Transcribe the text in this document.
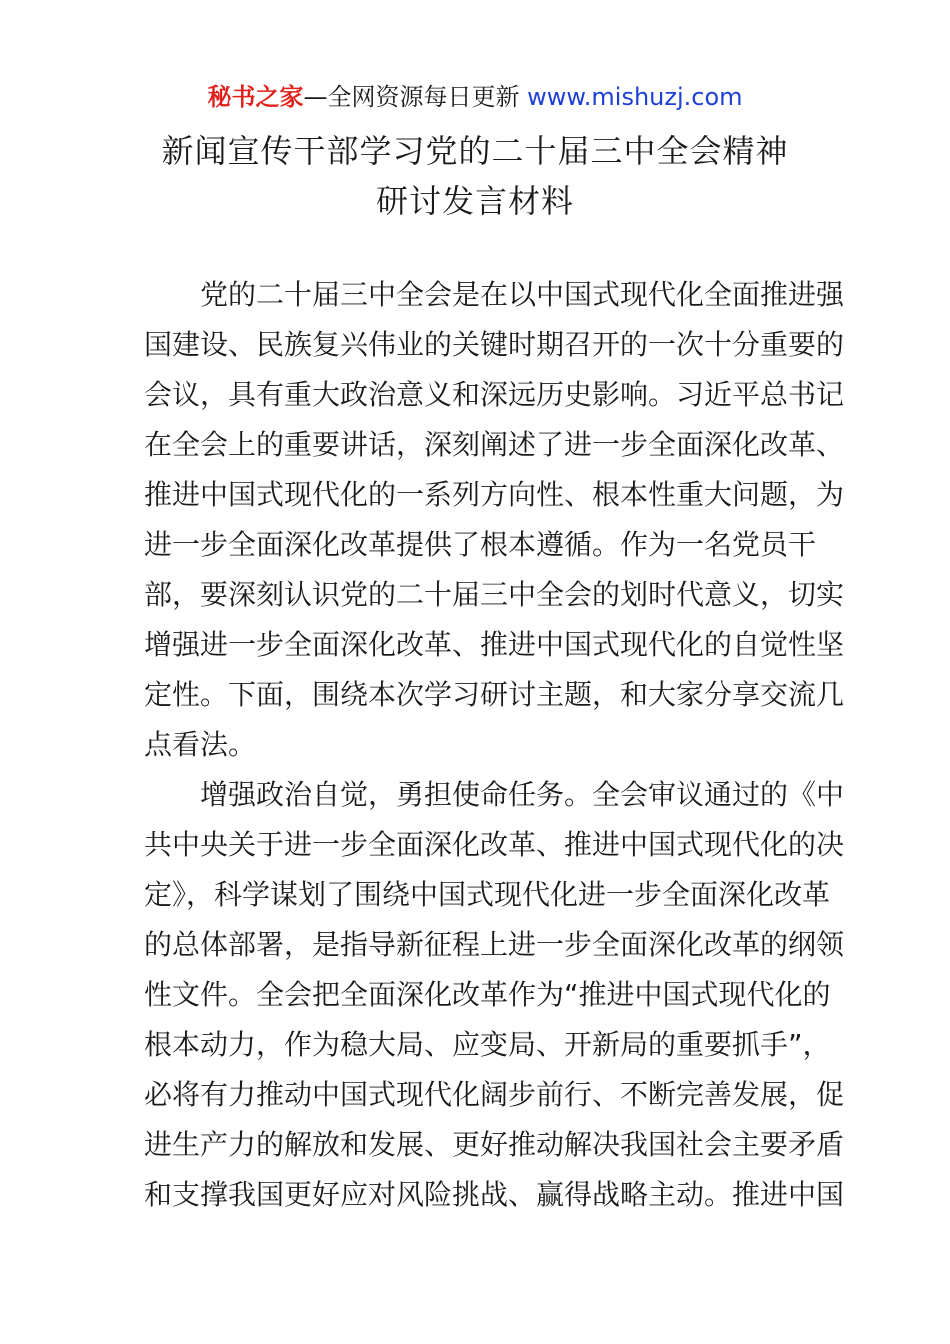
秘书之家—全网资源每日更新 www.mishuzj.com
新闻宣传干部学习党的二十届三中全会精神
研讨发言材料

党的二十届三中全会是在以中国式现代化全面推进强
国建设、民族复兴伟业的关键时期召开的一次十分重要的
会议，具有重大政治意义和深远历史影响。习近平总书记
在全会上的重要讲话，深刻阐述了进一步全面深化改革、
推进中国式现代化的一系列方向性、根本性重大问题，为
进一步全面深化改革提供了根本遵循。作为一名党员干
部，要深刻认识党的二十届三中全会的划时代意义，切实
增强进一步全面深化改革、推进中国式现代化的自觉性坚
定性。下面，围绕本次学习研讨主题，和大家分享交流几
点看法。

增强政治自觉，勇担使命任务。全会审议通过的《中
共中央关于进一步全面深化改革、推进中国式现代化的决
定》，科学谋划了围绕中国式现代化进一步全面深化改革
的总体部署，是指导新征程上进一步全面深化改革的纲领
性文件。全会把全面深化改革作为“推进中国式现代化的
根本动力，作为稳大局、应变局、开新局的重要抓手”，
必将有力推动中国式现代化阔步前行、不断完善发展，促
进生产力的解放和发展、更好推动解决我国社会主要矛盾
和支撑我国更好应对风险挑战、赢得战略主动。推进中国
